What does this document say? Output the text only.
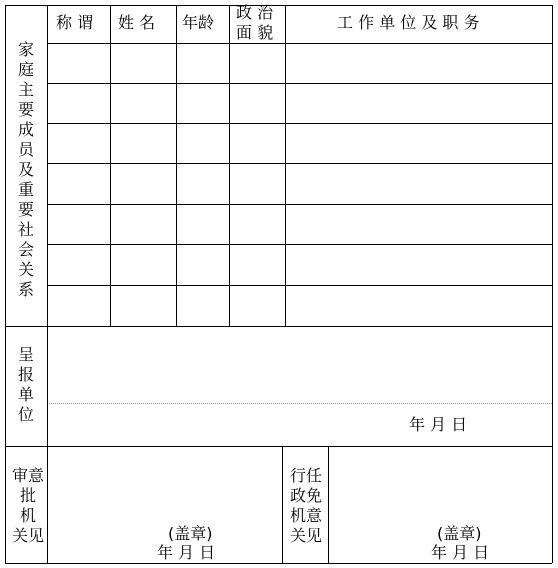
称 谓 姓 名 年龄
政 治
面 貌
工 作 单 位 及 职 务
家
庭
主
要
成
员
及
重
要
社
会
关
系
呈
报
单
位
年 月 日
审意
批
机
关见	(盖章)
年 月 日
行任
政免
机意
关见	(盖章)
年 月 日
